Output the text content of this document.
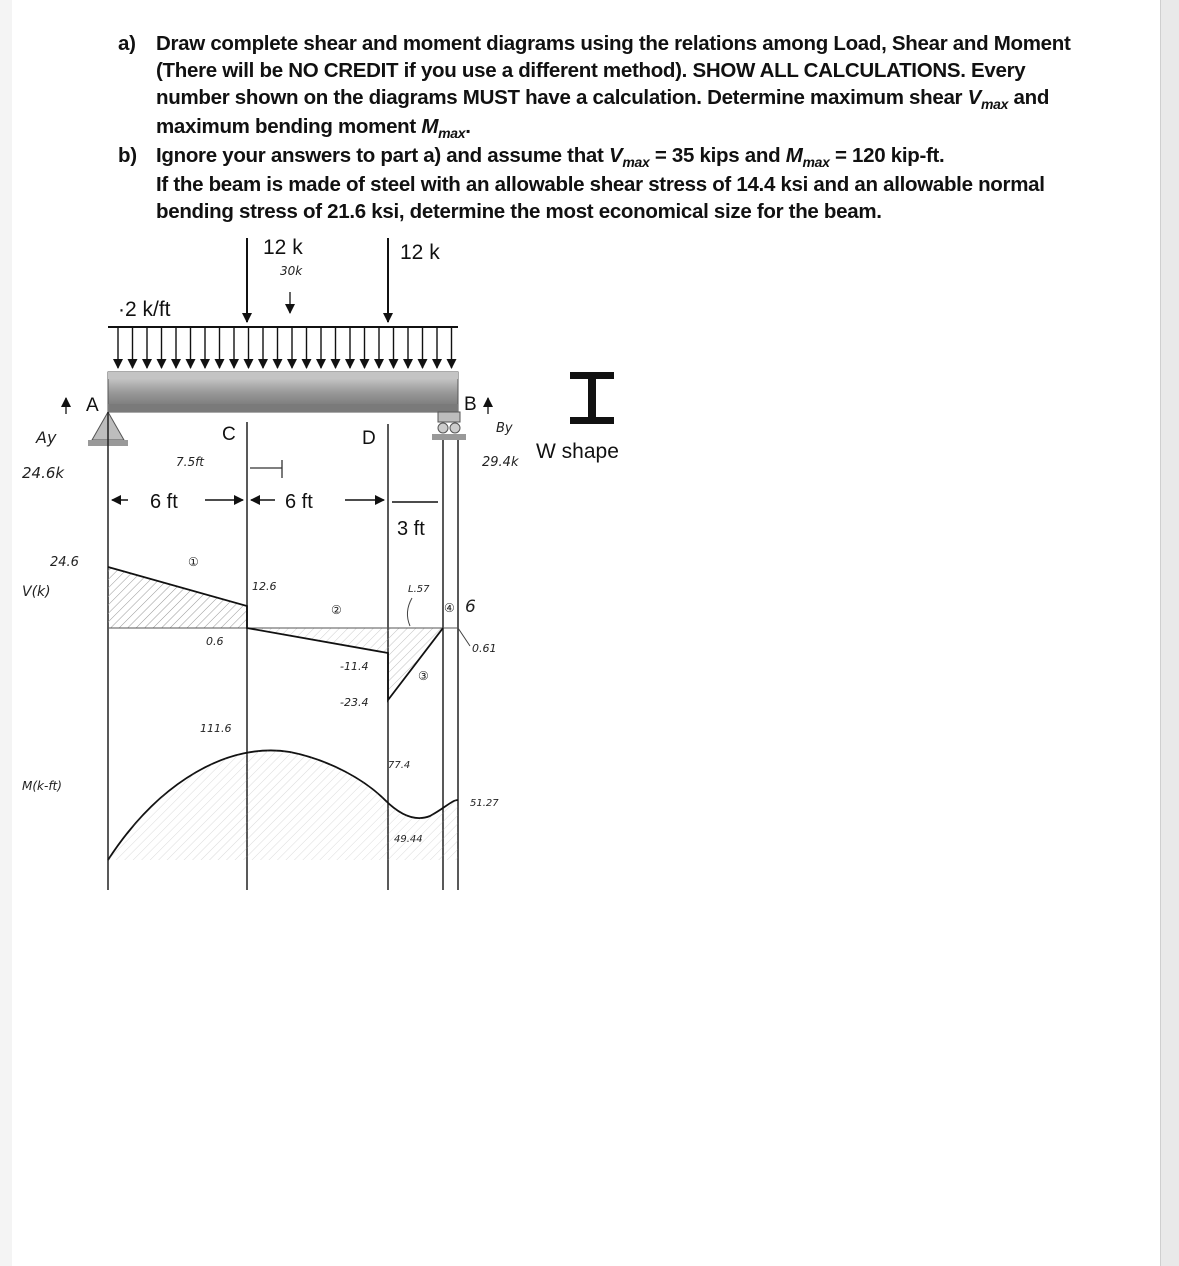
a) Draw complete shear and moment diagrams using the relations among Load, Shear and Moment

(There will be NO CREDIT if you use a different method). SHOW ALL CALCULATIONS. Every

number shown on the diagrams MUST have a calculation. Determine maximum shear $V_{max}$ and

maximum bending moment $M_{max}$.

b) Ignore your answers to part a) and assume that $V_{max} = 35$ kips and $M_{max} = 120$ kip-ft.

If the beam is made of steel with an allowable shear stress of 14.4 ksi and an allowable normal

bending stress of 21.6 ksi, determine the most economical size for the beam.

12 k	12 k
30k
·2 k/ft
A	B
C	D
6 ft	6 ft
3 ft
W shape
Ay
24.6k
By
29.4k
7.5ft
24.6
V(k)
①
②
③
④
12.6
0.6
-11.4
-23.4
L.57
6
0.61
M(k-ft)
111.6
77.4
49.44
51.27
